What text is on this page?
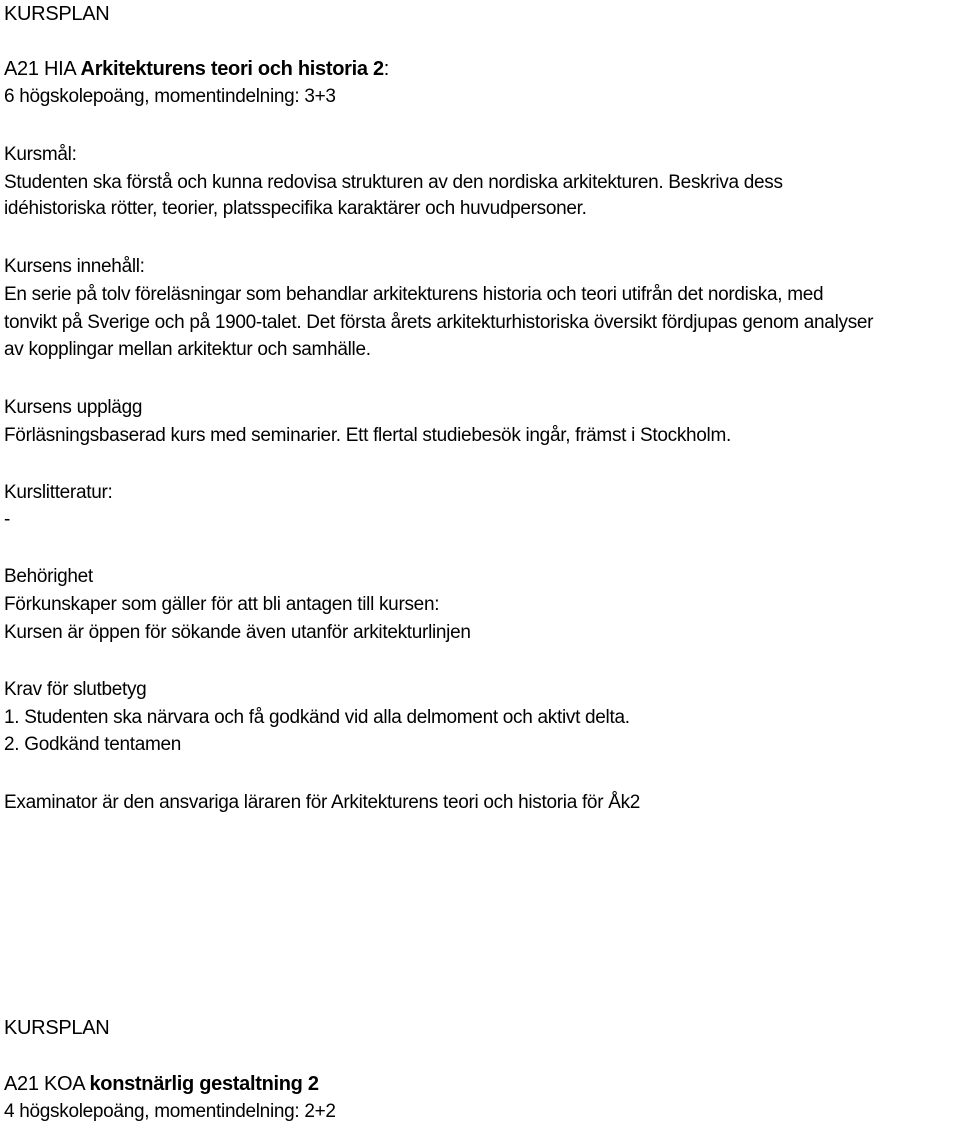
KURSPLAN
A21 HIA Arkitekturens teori och historia 2:
6 högskolepoäng, momentindelning: 3+3
Kursmål:
Studenten ska förstå och kunna redovisa strukturen av den nordiska arkitekturen. Beskriva dess
idéhistoriska rötter, teorier, platsspecifika karaktärer och huvudpersoner.
Kursens innehåll:
En serie på tolv föreläsningar som behandlar arkitekturens historia och teori utifrån det nordiska, med
tonvikt på Sverige och på 1900-talet. Det första årets arkitekturhistoriska översikt fördjupas genom analyser
av kopplingar mellan arkitektur och samhälle.
Kursens upplägg
Förläsningsbaserad kurs med seminarier. Ett flertal studiebesök ingår, främst i Stockholm.
Kurslitteratur:
-
Behörighet
Förkunskaper som gäller för att bli antagen till kursen:
Kursen är öppen för sökande även utanför arkitekturlinjen
Krav för slutbetyg
1. Studenten ska närvara och få godkänd vid alla delmoment och aktivt delta.
2. Godkänd tentamen
Examinator är den ansvariga läraren för Arkitekturens teori och historia för Åk2
KURSPLAN
A21 KOA konstnärlig gestaltning 2
4 högskolepoäng, momentindelning: 2+2
